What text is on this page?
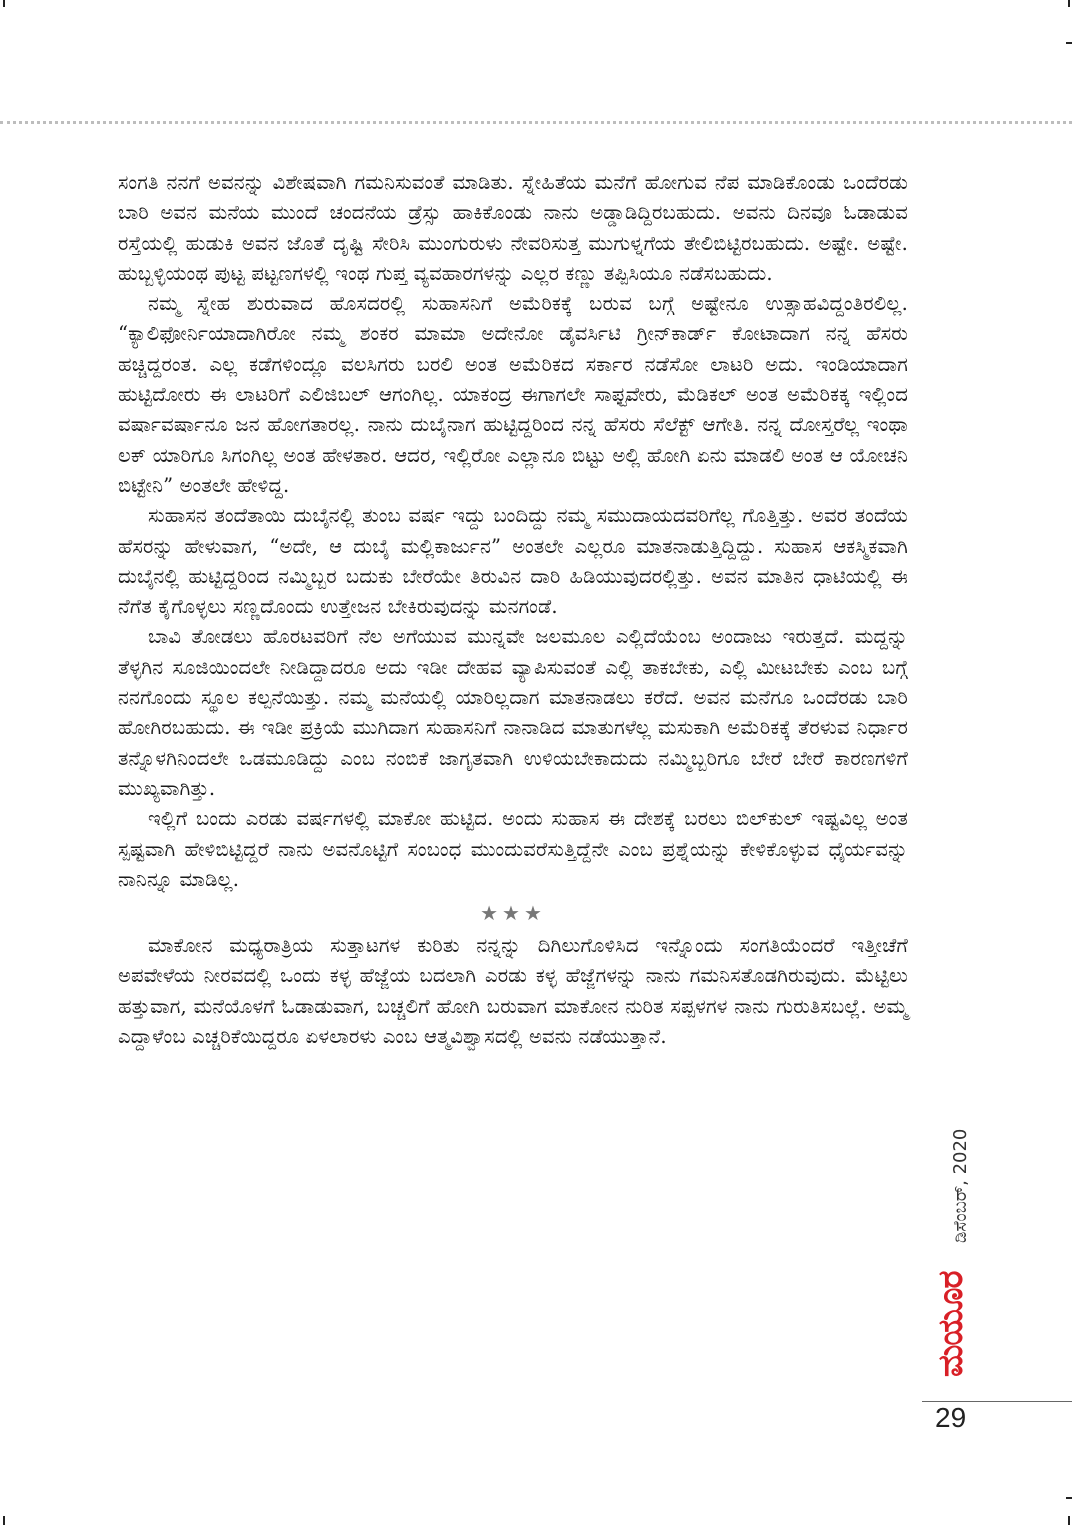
ಸಂಗತಿ ನನಗೆ ಅವನನ್ನು ವಿಶೇಷವಾಗಿ ಗಮನಿಸುವಂತೆ ಮಾಡಿತು. ಸ್ನೇಹಿತೆಯ ಮನೆಗೆ ಹೋಗುವ ನೆಪ ಮಾಡಿಕೊಂಡು ಒಂದೆರಡು ಬಾರಿ ಅವನ ಮನೆಯ ಮುಂದೆ ಚಂದನೆಯ ಡ್ರೆಸ್ಸು ಹಾಕಿಕೊಂಡು ನಾನು ಅಡ್ಡಾಡಿದ್ದಿರಬಹುದು. ಅವನು ದಿನವೂ ಓಡಾಡುವ ರಸ್ತೆಯಲ್ಲಿ ಹುಡುಕಿ ಅವನ ಜೊತೆ ದೃಷ್ಟಿ ಸೇರಿಸಿ ಮುಂಗುರುಳು ನೇವರಿಸುತ್ತ ಮುಗುಳ್ನಗೆಯ ತೇಲಿಬಿಟ್ಟಿರಬಹುದು. ಅಷ್ಟೇ. ಅಷ್ಟೇ. ಹುಬ್ಬಳ್ಳಿಯಂಥ ಪುಟ್ಟ ಪಟ್ಟಣಗಳಲ್ಲಿ ಇಂಥ ಗುಪ್ತ ವ್ಯವಹಾರಗಳನ್ನು ಎಲ್ಲರ ಕಣ್ಣು ತಪ್ಪಿಸಿಯೂ ನಡೆಸಬಹುದು.

ನಮ್ಮ ಸ್ನೇಹ ಶುರುವಾದ ಹೊಸದರಲ್ಲಿ ಸುಹಾಸನಿಗೆ ಅಮೆರಿಕಕ್ಕೆ ಬರುವ ಬಗ್ಗೆ ಅಷ್ಟೇನೂ ಉತ್ಸಾಹವಿದ್ದಂತಿರಲಿಲ್ಲ. “ಕ್ಯಾಲಿಫೋರ್ನಿಯಾದಾಗಿರೋ ನಮ್ಮ ಶಂಕರ ಮಾಮಾ ಅದೇನೋ ಡೈವರ್ಸಿಟಿ ಗ್ರೀನ್‌ಕಾರ್ಡ್ ಕೋಟಾದಾಗ ನನ್ನ ಹೆಸರು ಹಚ್ಚಿದ್ದರಂತ. ಎಲ್ಲ ಕಡೆಗಳಿಂದ್ಲೂ ವಲಸಿಗರು ಬರಲಿ ಅಂತ ಅಮೆರಿಕದ ಸರ್ಕಾರ ನಡೆಸೋ ಲಾಟರಿ ಅದು. ಇಂಡಿಯಾದಾಗ ಹುಟ್ಟಿದೋರು ಈ ಲಾಟರಿಗೆ ಎಲಿಜಿಬಲ್ ಆಗಂಗಿಲ್ಲ. ಯಾಕಂದ್ರ ಈಗಾಗಲೇ ಸಾಫ್ಟವೇರು, ಮೆಡಿಕಲ್ ಅಂತ ಅಮೆರಿಕಕ್ಕ ಇಲ್ಲಿಂದ ವರ್ಷಾವರ್ಷಾನೂ ಜನ ಹೋಗತಾರಲ್ಲ. ನಾನು ದುಬೈನಾಗ ಹುಟ್ಟಿದ್ದರಿಂದ ನನ್ನ ಹೆಸರು ಸೆಲೆಕ್ಟ್ ಆಗೇತಿ. ನನ್ನ ದೋಸ್ತರೆಲ್ಲ ಇಂಥಾ ಲಕ್ ಯಾರಿಗೂ ಸಿಗಂಗಿಲ್ಲ ಅಂತ ಹೇಳತಾರ. ಆದರ, ಇಲ್ಲಿರೋ ಎಲ್ಲಾನೂ ಬಿಟ್ಟು ಅಲ್ಲಿ ಹೋಗಿ ಏನು ಮಾಡಲಿ ಅಂತ ಆ ಯೋಚನಿ ಬಿಟ್ಟೇನಿ” ಅಂತಲೇ ಹೇಳಿದ್ದ.

ಸುಹಾಸನ ತಂದೆತಾಯಿ ದುಬೈನಲ್ಲಿ ತುಂಬ ವರ್ಷ ಇದ್ದು ಬಂದಿದ್ದು ನಮ್ಮ ಸಮುದಾಯದವರಿಗೆಲ್ಲ ಗೊತ್ತಿತ್ತು. ಅವರ ತಂದೆಯ ಹೆಸರನ್ನು ಹೇಳುವಾಗ, “ಅದೇ, ಆ ದುಬೈ ಮಲ್ಲಿಕಾರ್ಜುನ” ಅಂತಲೇ ಎಲ್ಲರೂ ಮಾತನಾಡುತ್ತಿದ್ದಿದ್ದು. ಸುಹಾಸ ಆಕಸ್ಮಿಕವಾಗಿ ದುಬೈನಲ್ಲಿ ಹುಟ್ಟಿದ್ದರಿಂದ ನಮ್ಮಿಬ್ಬರ ಬದುಕು ಬೇರೆಯೇ ತಿರುವಿನ ದಾರಿ ಹಿಡಿಯುವುದರಲ್ಲಿತ್ತು. ಅವನ ಮಾತಿನ ಧಾಟಿಯಲ್ಲಿ ಈ ನೆಗೆತ ಕೈಗೊಳ್ಳಲು ಸಣ್ಣದೊಂದು ಉತ್ತೇಜನ ಬೇಕಿರುವುದನ್ನು ಮನಗಂಡೆ.

ಬಾವಿ ತೋಡಲು ಹೊರಟವರಿಗೆ ನೆಲ ಅಗೆಯುವ ಮುನ್ನವೇ ಜಲಮೂಲ ಎಲ್ಲಿದೆಯೆಂಬ ಅಂದಾಜು ಇರುತ್ತದೆ. ಮದ್ದನ್ನು ತೆಳ್ಳಗಿನ ಸೂಜಿಯಿಂದಲೇ ನೀಡಿದ್ದಾದರೂ ಅದು ಇಡೀ ದೇಹವ ವ್ಯಾಪಿಸುವಂತೆ ಎಲ್ಲಿ ತಾಕಬೇಕು, ಎಲ್ಲಿ ಮೀಟಬೇಕು ಎಂಬ ಬಗ್ಗೆ ನನಗೊಂದು ಸ್ಥೂಲ ಕಲ್ಪನೆಯಿತ್ತು. ನಮ್ಮ ಮನೆಯಲ್ಲಿ ಯಾರಿಲ್ಲದಾಗ ಮಾತನಾಡಲು ಕರೆದೆ. ಅವನ ಮನೆಗೂ ಒಂದೆರಡು ಬಾರಿ ಹೋಗಿರಬಹುದು. ಈ ಇಡೀ ಪ್ರಕ್ರಿಯೆ ಮುಗಿದಾಗ ಸುಹಾಸನಿಗೆ ನಾನಾಡಿದ ಮಾತುಗಳೆಲ್ಲ ಮಸುಕಾಗಿ ಅಮೆರಿಕಕ್ಕೆ ತೆರಳುವ ನಿರ್ಧಾರ ತನ್ನೊಳಗಿನಿಂದಲೇ ಒಡಮೂಡಿದ್ದು ಎಂಬ ನಂಬಿಕೆ ಜಾಗೃತವಾಗಿ ಉಳಿಯಬೇಕಾದುದು ನಮ್ಮಿಬ್ಬರಿಗೂ ಬೇರೆ ಬೇರೆ ಕಾರಣಗಳಿಗೆ ಮುಖ್ಯವಾಗಿತ್ತು.

ಇಲ್ಲಿಗೆ ಬಂದು ಎರಡು ವರ್ಷಗಳಲ್ಲಿ ಮಾಕೋ ಹುಟ್ಟಿದ. ಅಂದು ಸುಹಾಸ ಈ ದೇಶಕ್ಕೆ ಬರಲು ಬಿಲ್‌ಕುಲ್ ಇಷ್ಟವಿಲ್ಲ ಅಂತ ಸ್ಪಷ್ಟವಾಗಿ ಹೇಳಿಬಿಟ್ಟಿದ್ದರೆ ನಾನು ಅವನೊಟ್ಟಿಗೆ ಸಂಬಂಧ ಮುಂದುವರೆಸುತ್ತಿದ್ದೆನೇ ಎಂಬ ಪ್ರಶ್ನೆಯನ್ನು ಕೇಳಿಕೊಳ್ಳುವ ಧೈರ್ಯವನ್ನು ನಾನಿನ್ನೂ ಮಾಡಿಲ್ಲ.

★★★

ಮಾಕೋನ ಮಧ್ಯರಾತ್ರಿಯ ಸುತ್ತಾಟಗಳ ಕುರಿತು ನನ್ನನ್ನು ದಿಗಿಲುಗೊಳಿಸಿದ ಇನ್ನೊಂದು ಸಂಗತಿಯೆಂದರೆ ಇತ್ತೀಚೆಗೆ ಅಪವೇಳೆಯ ನೀರವದಲ್ಲಿ ಒಂದು ಕಳ್ಳ ಹೆಜ್ಜೆಯ ಬದಲಾಗಿ ಎರಡು ಕಳ್ಳ ಹೆಜ್ಜೆಗಳನ್ನು ನಾನು ಗಮನಿಸತೊಡಗಿರುವುದು. ಮೆಟ್ಟಿಲು ಹತ್ತುವಾಗ, ಮನೆಯೊಳಗೆ ಓಡಾಡುವಾಗ, ಬಚ್ಚಲಿಗೆ ಹೋಗಿ ಬರುವಾಗ ಮಾಕೋನ ನುರಿತ ಸಪ್ಪಳಗಳ ನಾನು ಗುರುತಿಸಬಲ್ಲೆ. ಅಮ್ಮ ಎದ್ದಾಳೆಂಬ ಎಚ್ಚರಿಕೆಯಿದ್ದರೂ ಏಳಲಾರಳು ಎಂಬ ಆತ್ಮವಿಶ್ವಾಸದಲ್ಲಿ ಅವನು ನಡೆಯುತ್ತಾನೆ.

ಡಿಸೆಂಬರ್, 2020
ಮಯೂರ
29
